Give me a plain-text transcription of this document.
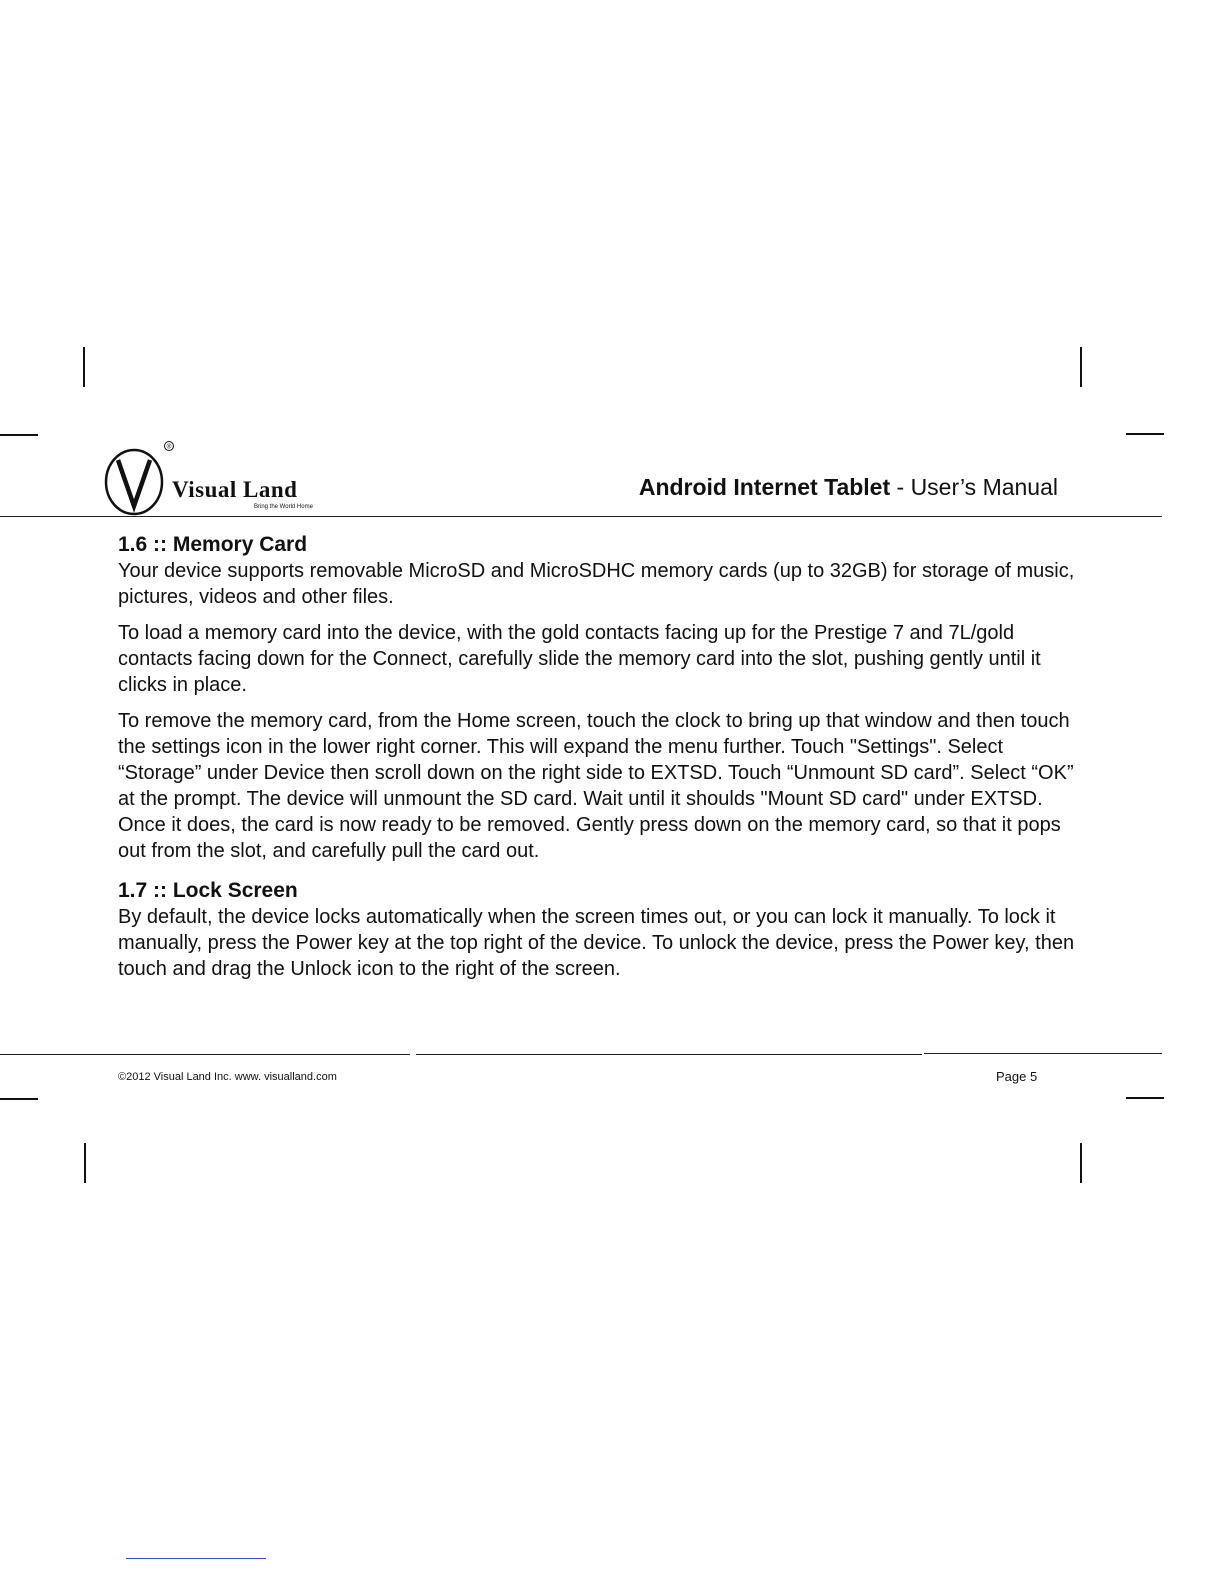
®
Visual Land
Bring the World Home
Android Internet Tablet - User’s Manual
1.6 :: Memory Card

Your device supports removable MicroSD and MicroSDHC memory cards (up to 32GB) for storage of music, pictures, videos and other files.

To load a memory card into the device, with the gold contacts facing up for the Prestige 7 and 7L/gold contacts facing down for the Connect, carefully slide the memory card into the slot, pushing gently until it clicks in place.

To remove the memory card, from the Home screen, touch the clock to bring up that window and then touch the settings icon in the lower right corner. This will expand the menu further. Touch "Settings". Select “Storage” under Device then scroll down on the right side to EXTSD. Touch “Unmount SD card”. Select “OK” at the prompt. The device will unmount the SD card. Wait until it shoulds "Mount SD card" under EXTSD. Once it does, the card is now ready to be removed. Gently press down on the memory card, so that it pops out from the slot, and carefully pull the card out.

1.7 :: Lock Screen

By default, the device locks automatically when the screen times out, or you can lock it manually. To lock it manually, press the Power key at the top right of the device. To unlock the device, press the Power key, then touch and drag the Unlock icon to the right of the screen.

©2012 Visual Land Inc. www. visualland.com	Page 5
